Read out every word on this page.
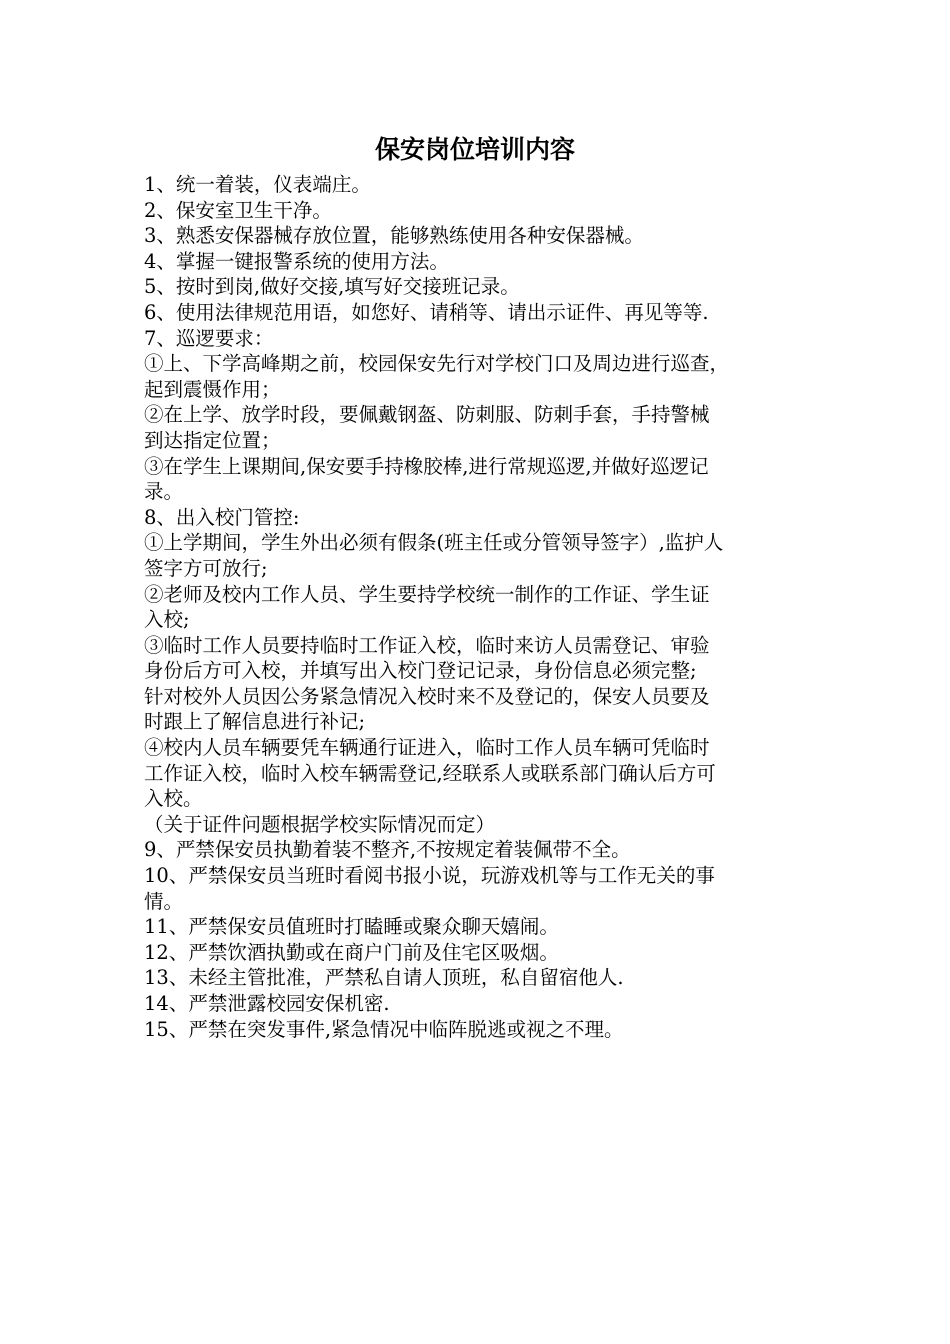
保安岗位培训内容
1、统一着装，仪表端庄。
2、保安室卫生干净。
3、熟悉安保器械存放位置，能够熟练使用各种安保器械。
4、掌握一键报警系统的使用方法。
5、按时到岗,做好交接,填写好交接班记录。
6、使用法律规范用语，如您好、请稍等、请出示证件、再见等等.
7、巡逻要求：
①上、下学高峰期之前，校园保安先行对学校门口及周边进行巡查，
起到震慑作用；
②在上学、放学时段，要佩戴钢盔、防刺服、防刺手套，手持警械
到达指定位置；
③在学生上课期间,保安要手持橡胶棒,进行常规巡逻,并做好巡逻记
录。
8、出入校门管控:
①上学期间，学生外出必须有假条(班主任或分管领导签字）,监护人
签字方可放行;
②老师及校内工作人员、学生要持学校统一制作的工作证、学生证
入校;
③临时工作人员要持临时工作证入校，临时来访人员需登记、审验
身份后方可入校，并填写出入校门登记记录，身份信息必须完整;
针对校外人员因公务紧急情况入校时来不及登记的，保安人员要及
时跟上了解信息进行补记;
④校内人员车辆要凭车辆通行证进入，临时工作人员车辆可凭临时
工作证入校，临时入校车辆需登记,经联系人或联系部门确认后方可
入校。
（关于证件问题根据学校实际情况而定）
9、严禁保安员执勤着装不整齐,不按规定着装佩带不全。
10、严禁保安员当班时看阅书报小说，玩游戏机等与工作无关的事
情。
11、严禁保安员值班时打瞌睡或聚众聊天嬉闹。
12、严禁饮酒执勤或在商户门前及住宅区吸烟。
13、未经主管批准，严禁私自请人顶班，私自留宿他人.
14、严禁泄露校园安保机密.
15、严禁在突发事件,紧急情况中临阵脱逃或视之不理。
